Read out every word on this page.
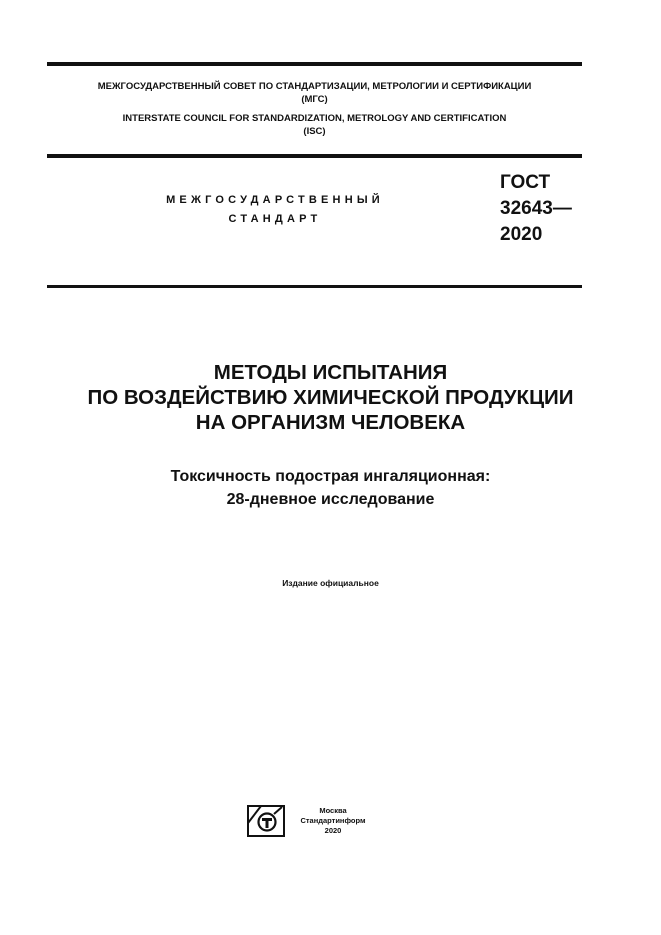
МЕЖГОСУДАРСТВЕННЫЙ СОВЕТ ПО СТАНДАРТИЗАЦИИ, МЕТРОЛОГИИ И СЕРТИФИКАЦИИ
(МГС)
INTERSTATE COUNCIL FOR STANDARDIZATION, METROLOGY AND CERTIFICATION
(ISC)
МЕЖГОСУДАРСТВЕННЫЙ
СТАНДАРТ
ГОСТ
32643—
2020
МЕТОДЫ ИСПЫТАНИЯ
ПО ВОЗДЕЙСТВИЮ ХИМИЧЕСКОЙ ПРОДУКЦИИ
НА ОРГАНИЗМ ЧЕЛОВЕКА
Токсичность подострая ингаляционная:
28-дневное исследование
Издание официальное
Москва
Стандартинформ
2020
